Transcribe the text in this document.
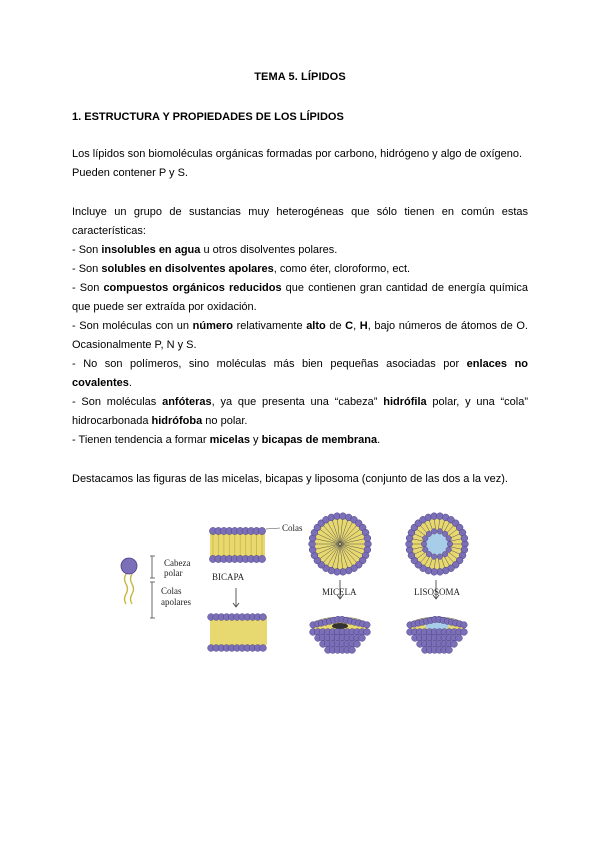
TEMA 5. LÍPIDOS
1. ESTRUCTURA Y PROPIEDADES DE LOS LÍPIDOS
Los lípidos son biomoléculas orgánicas formadas por carbono, hidrógeno y algo de oxígeno.
Pueden contener P y S.
Incluye un grupo de sustancias muy heterogéneas que sólo tienen en común estas
características:
- Son insolubles en agua u otros disolventes polares.
- Son solubles en disolventes apolares, como éter, cloroformo, ect.
- Son compuestos orgánicos reducidos que contienen gran cantidad de energía química
que puede ser extraída por oxidación.
- Son moléculas con un número relativamente alto de C, H, bajo números de átomos de O.
Ocasionalmente P, N y S.
- No son polímeros, sino moléculas más bien pequeñas asociadas por enlaces no
covalentes.
- Son moléculas anfóteras, ya que presenta una “cabeza” hidrófila polar, y una “cola”
hidrocarbonada hidrófoba no polar.
- Tienen tendencia a formar micelas y bicapas de membrana.
Destacamos las figuras de las micelas, bicapas y liposoma (conjunto de las dos a la vez).
Cabeza
polar
Colas
apolares
Colas
BICAPA
MICELA	LISOSOMA
